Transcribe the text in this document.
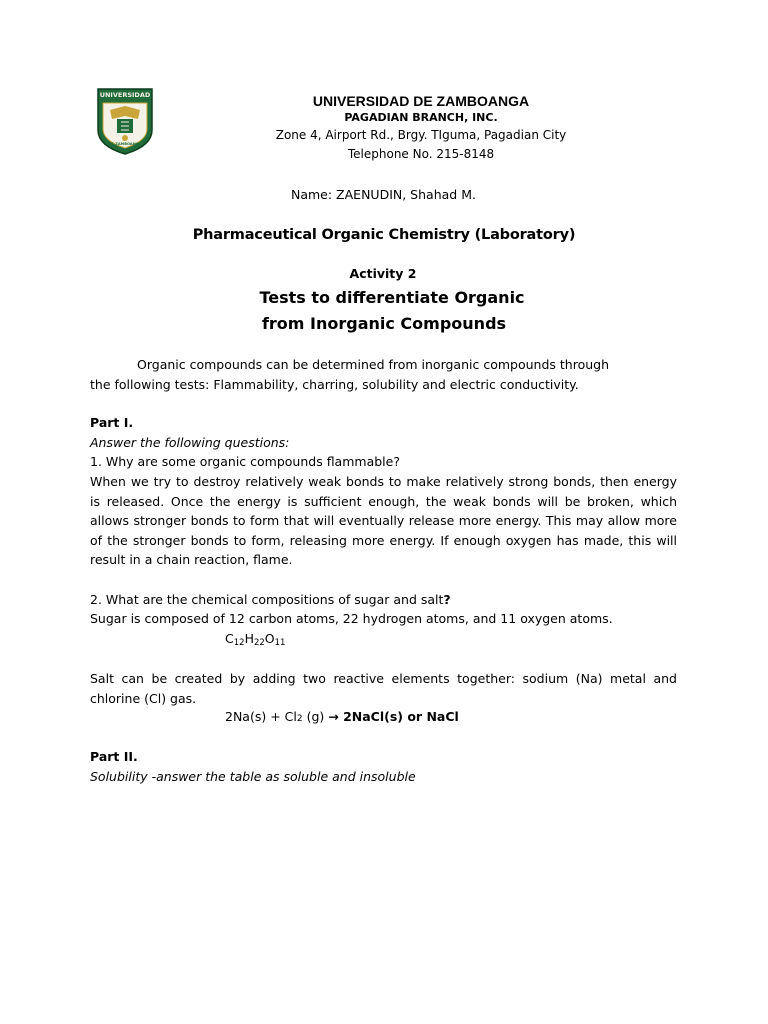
UNIVERSIDAD
DE ZAMBOANGA
UNIVERSIDAD DE ZAMBOANGA
PAGADIAN BRANCH, INC.
Zone 4, Airport Rd., Brgy. TIguma, Pagadian City
Telephone No. 215-8148
Name: ZAENUDIN, Shahad M.
Pharmaceutical Organic Chemistry (Laboratory)
Activity 2
Tests to differentiate Organic
from Inorganic Compounds
Organic compounds can be determined from inorganic compounds through the following tests: Flammability, charring, solubility and electric conductivity.
Part I.
Answer the following questions:
1. Why are some organic compounds flammable?
When we try to destroy relatively weak bonds to make relatively strong bonds, then energy is released. Once the energy is sufficient enough, the weak bonds will be broken, which allows stronger bonds to form that will eventually release more energy. This may allow more of the stronger bonds to form, releasing more energy. If enough oxygen has made, this will result in a chain reaction, flame.
2. What are the chemical compositions of sugar and salt?
Sugar is composed of 12 carbon atoms, 22 hydrogen atoms, and 11 oxygen atoms.
$C_{12}H_{22}O_{11}$
Salt can be created by adding two reactive elements together: sodium (Na) metal and chlorine (Cl) gas.
2Na(s) + Cl2 (g) → 2NaCl(s) or NaCl
Part II.
Solubility -answer the table as soluble and insoluble
